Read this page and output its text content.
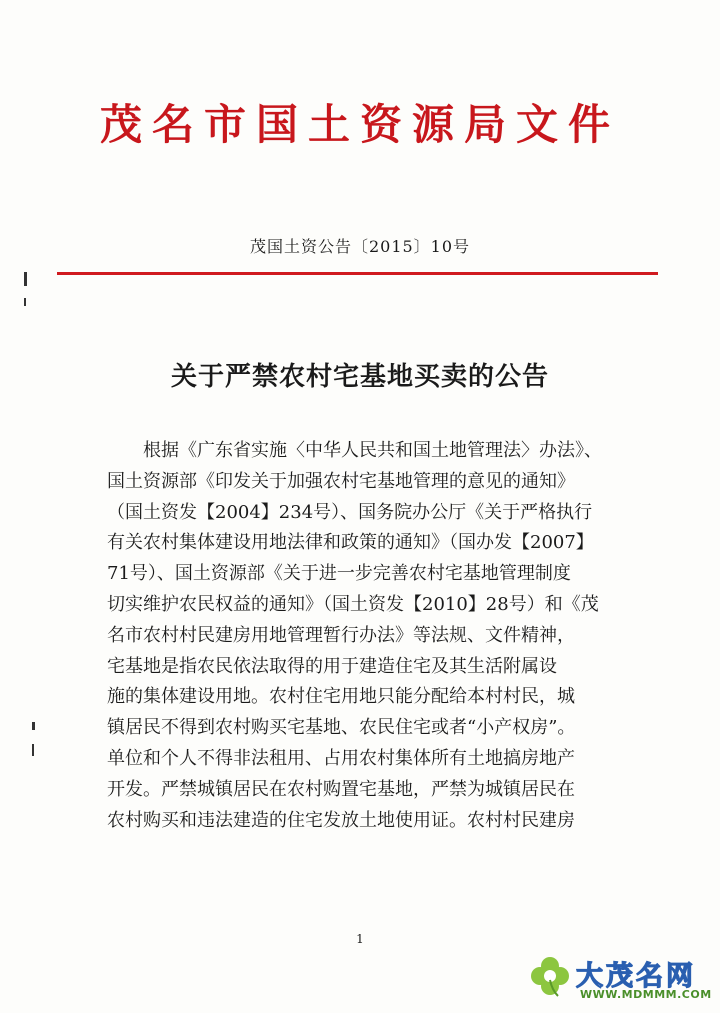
茂名市国土资源局文件
茂国土资公告〔2015〕10号
关于严禁农村宅基地买卖的公告
根据《广东省实施〈中华人民共和国土地管理法〉办法》、
国土资源部《印发关于加强农村宅基地管理的意见的通知》
（国土资发【2004】234号）、国务院办公厅《关于严格执行
有关农村集体建设用地法律和政策的通知》（国办发【2007】
71号）、国土资源部《关于进一步完善农村宅基地管理制度
切实维护农民权益的通知》（国土资发【2010】28号）和《茂
名市农村村民建房用地管理暂行办法》等法规、文件精神，
宅基地是指农民依法取得的用于建造住宅及其生活附属设
施的集体建设用地。农村住宅用地只能分配给本村村民，城
镇居民不得到农村购买宅基地、农民住宅或者“小产权房”。
单位和个人不得非法租用、占用农村集体所有土地搞房地产
开发。严禁城镇居民在农村购置宅基地，严禁为城镇居民在
农村购买和违法建造的住宅发放土地使用证。农村村民建房
1
大茂名网
WWW.MDMMM.COM
